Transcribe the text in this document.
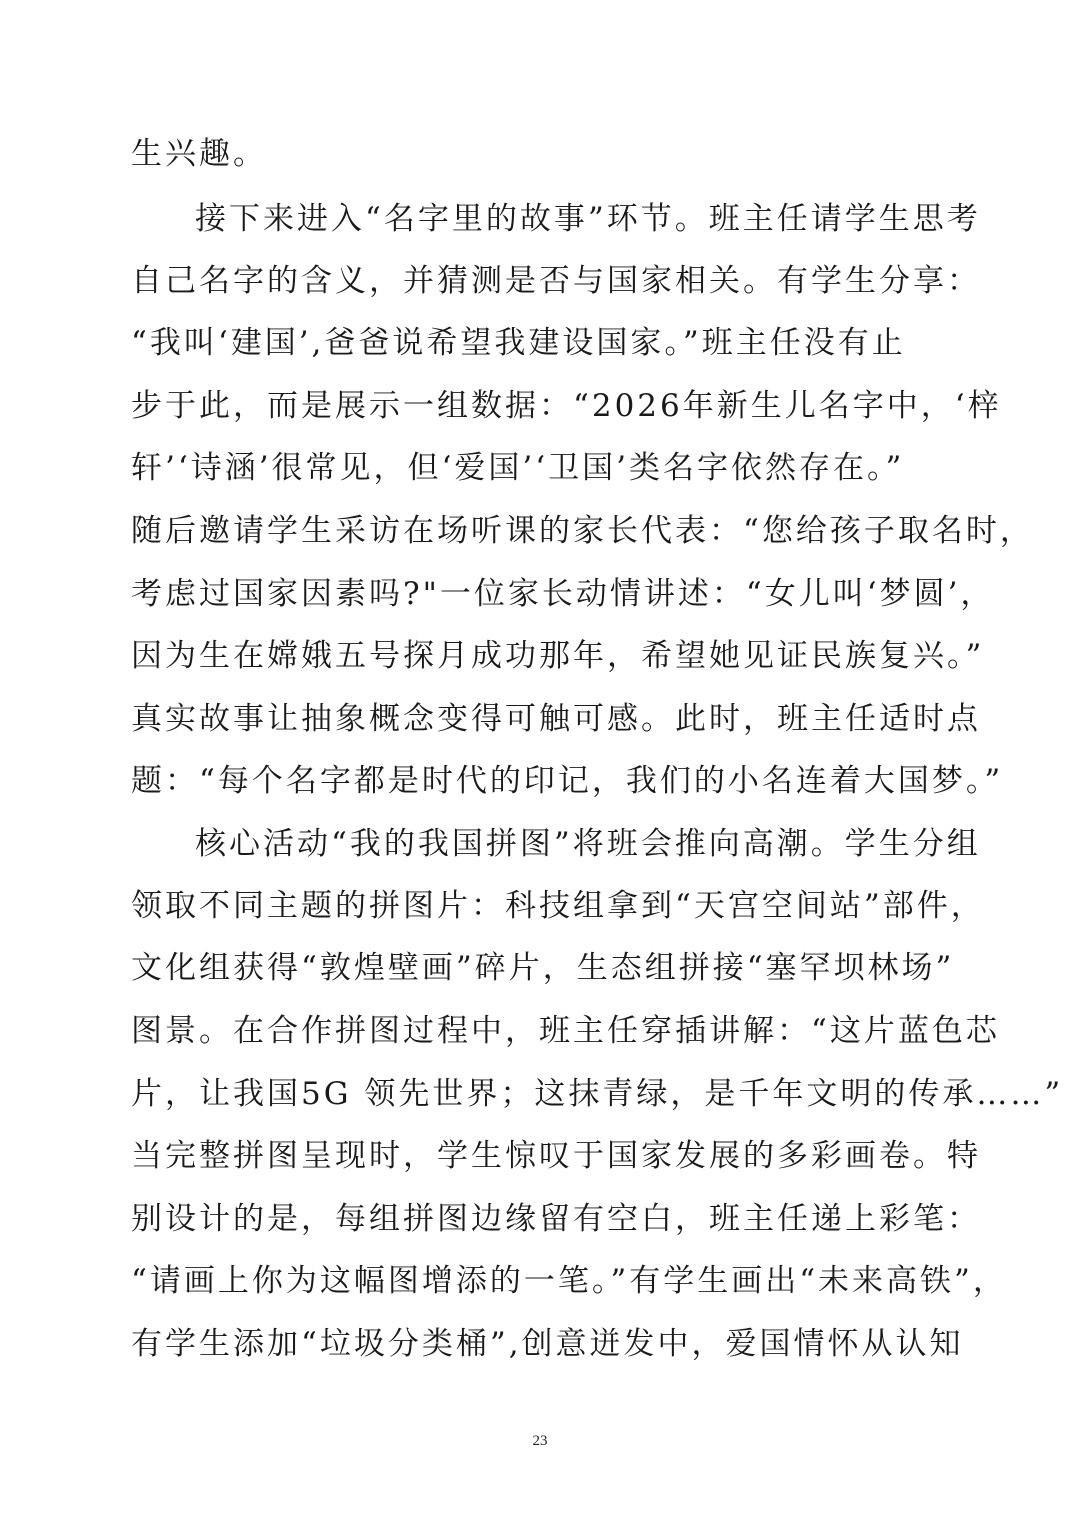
生兴趣。
接下来进入“名字里的故事”环节。班主任请学生思考
自己名字的含义，并猜测是否与国家相关。有学生分享：
“我叫‘建国’,爸爸说希望我建设国家。”班主任没有止
步于此，而是展示一组数据：“2026年新生儿名字中，‘梓
轩’‘诗涵’很常见，但‘爱国’‘卫国’类名字依然存在。”
随后邀请学生采访在场听课的家长代表：“您给孩子取名时，
考虑过国家因素吗?"一位家长动情讲述：“女儿叫‘梦圆’，
因为生在嫦娥五号探月成功那年，希望她见证民族复兴。”
真实故事让抽象概念变得可触可感。此时，班主任适时点
题：“每个名字都是时代的印记，我们的小名连着大国梦。”
核心活动“我的我国拼图”将班会推向高潮。学生分组
领取不同主题的拼图片：科技组拿到“天宫空间站”部件，
文化组获得“敦煌壁画”碎片，生态组拼接“塞罕坝林场”
图景。在合作拼图过程中，班主任穿插讲解：“这片蓝色芯
片，让我国5G 领先世界；这抹青绿，是千年文明的传承……”
当完整拼图呈现时，学生惊叹于国家发展的多彩画卷。特
别设计的是，每组拼图边缘留有空白，班主任递上彩笔：
“请画上你为这幅图增添的一笔。”有学生画出“未来高铁”，
有学生添加“垃圾分类桶”,创意迸发中，爱国情怀从认知
23
